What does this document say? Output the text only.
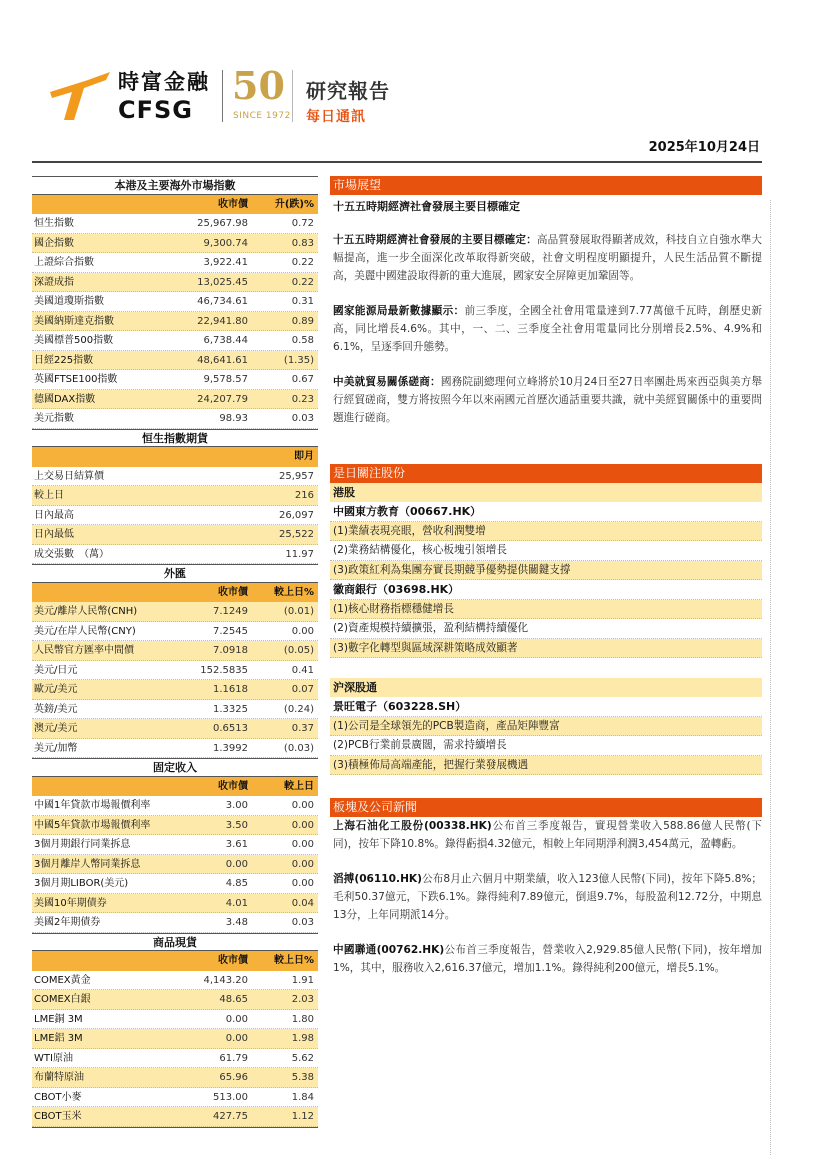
時富金融
CFSG
50
SINCE 1972
研究報告
每日通訊
2025年10月24日
本港及主要海外市場指數
收市價	升(跌)%
恒生指數	25,967.98	0.72
國企指數	9,300.74	0.83
上證綜合指數	3,922.41	0.22
深證成指	13,025.45	0.22
美國道瓊斯指數	46,734.61	0.31
美國納斯達克指數	22,941.80	0.89
美國標普500指數	6,738.44	0.58
日經225指數	48,641.61	(1.35)
英國FTSE100指數	9,578.57	0.67
德國DAX指數	24,207.79	0.23
美元指數	98.93	0.03
恒生指數期貨
即月
上交易日結算價	25,957
較上日	216
日內最高	26,097
日內最低	25,522
成交張數　（萬）	11.97
外匯
收市價	較上日%
美元/離岸人民幣(CNH)	7.1249	(0.01)
美元/在岸人民幣(CNY)	7.2545	0.00
人民幣官方匯率中間價	7.0918	(0.05)
美元/日元	152.5835	0.41
歐元/美元	1.1618	0.07
英鎊/美元	1.3325	(0.24)
澳元/美元	0.6513	0.37
美元/加幣	1.3992	(0.03)
固定收入
收市價	較上日
中國1年貸款市場報價利率	3.00	0.00
中國5年貸款市場報價利率	3.50	0.00
3個月期銀行同業拆息	3.61	0.00
3個月離岸人幣同業拆息	0.00	0.00
3個月期LIBOR(美元)	4.85	0.00
美國10年期債券	4.01	0.04
美國2年期債券	3.48	0.03
商品現貨
收市價	較上日%
COMEX黃金	4,143.20	1.91
COMEX白銀	48.65	2.03
LME銅 3M	0.00	1.80
LME鋁 3M	0.00	1.98
WTI原油	61.79	5.62
布蘭特原油	65.96	5.38
CBOT小麥	513.00	1.84
CBOT玉米	427.75	1.12
市場展望
十五五時期經濟社會發展主要目標確定
十五五時期經濟社會發展的主要目標確定：高品質發展取得顯著成效，科技自立自強水準大幅提高，進一步全面深化改革取得新突破，社會文明程度明顯提升，人民生活品質不斷提高，美麗中國建設取得新的重大進展，國家安全屏障更加鞏固等。
國家能源局最新數據顯示：前三季度，全國全社會用電量達到7.77萬億千瓦時，創歷史新高，同比增長4.6%。其中，一、二、三季度全社會用電量同比分別增長2.5%、4.9%和6.1%，呈逐季回升態勢。
中美就貿易關係磋商：國務院副總理何立峰將於10月24日至27日率團赴馬來西亞與美方舉行經貿磋商，雙方將按照今年以來兩國元首歷次通話重要共識，就中美經貿關係中的重要問題進行磋商。
是日關注股份
港股
中國東方教育（00667.HK）
(1)業績表現亮眼，營收利潤雙增
(2)業務結構優化，核心板塊引領增長
(3)政策紅利為集團夯實長期競爭優勢提供關鍵支撐
徽商銀行（03698.HK）
(1)核心財務指標穩健增長
(2)資產規模持續擴張，盈利結構持續優化
(3)數字化轉型與區域深耕策略成效顯著
沪深股通
景旺電子（603228.SH）
(1)公司是全球領先的PCB製造商，產品矩陣豐富
(2)PCB行業前景廣闊，需求持續增長
(3)積極佈局高端產能，把握行業發展機遇
板塊及公司新聞
上海石油化工股份(00338.HK)公布首三季度報告，實現營業收入588.86億人民幣(下同)，按年下降10.8%。錄得虧損4.32億元，相較上年同期淨利潤3,454萬元，盈轉虧。
滔搏(06110.HK)公布8月止六個月中期業績，收入123億人民幣(下同)，按年下降5.8%；毛利50.37億元，下跌6.1%。錄得純利7.89億元，倒退9.7%，每股盈利12.72分，中期息13分，上年同期派14分。
中國聯通(00762.HK)公布首三季度報告，營業收入2,929.85億人民幣(下同)，按年增加1%，其中，服務收入2,616.37億元，增加1.1%。錄得純利200億元，增長5.1%。
